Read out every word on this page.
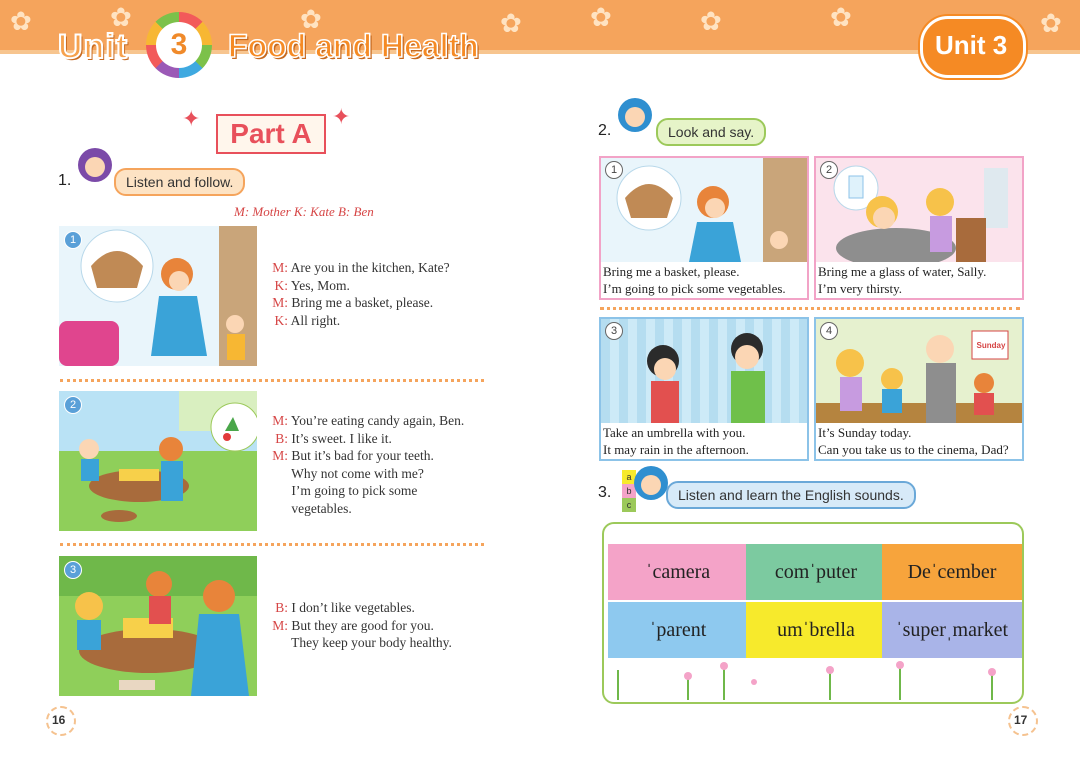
✿	✿	✿	✿	✿	✿	✿	✿
Unit	3	Food and Health	Unit 3
✦	Part A
✦
1.	Listen and follow.
M: Mother K: Kate B: Ben
1
M: Are you in the kitchen, Kate?
K: Yes, Mom.
M: Bring me a basket, please.
K: All right.
2
M: You’re eating candy again, Ben.
B: It’s sweet. I like it.
M: But it’s bad for your teeth.
Why not come with me?
I’m going to pick some
vegetables.
3
B: I don’t like vegetables.
M: But they are good for you.
They keep your body healthy.
16
2.	Look and say.
1
Bring me a basket, please.
I’m going to pick some vegetables.
2
Bring me a glass of water, Sally.
I’m very thirsty.
3
Take an umbrella with you.
It may rain in the afternoon.
Sunday
4
It’s Sunday today.
Can you take us to the cinema, Dad?
3.
a
b
c
Listen and learn the English sounds.
ˈcamera	comˈputer	Deˈcember
ˈparent	umˈbrella	ˈsuperˌmarket
17
